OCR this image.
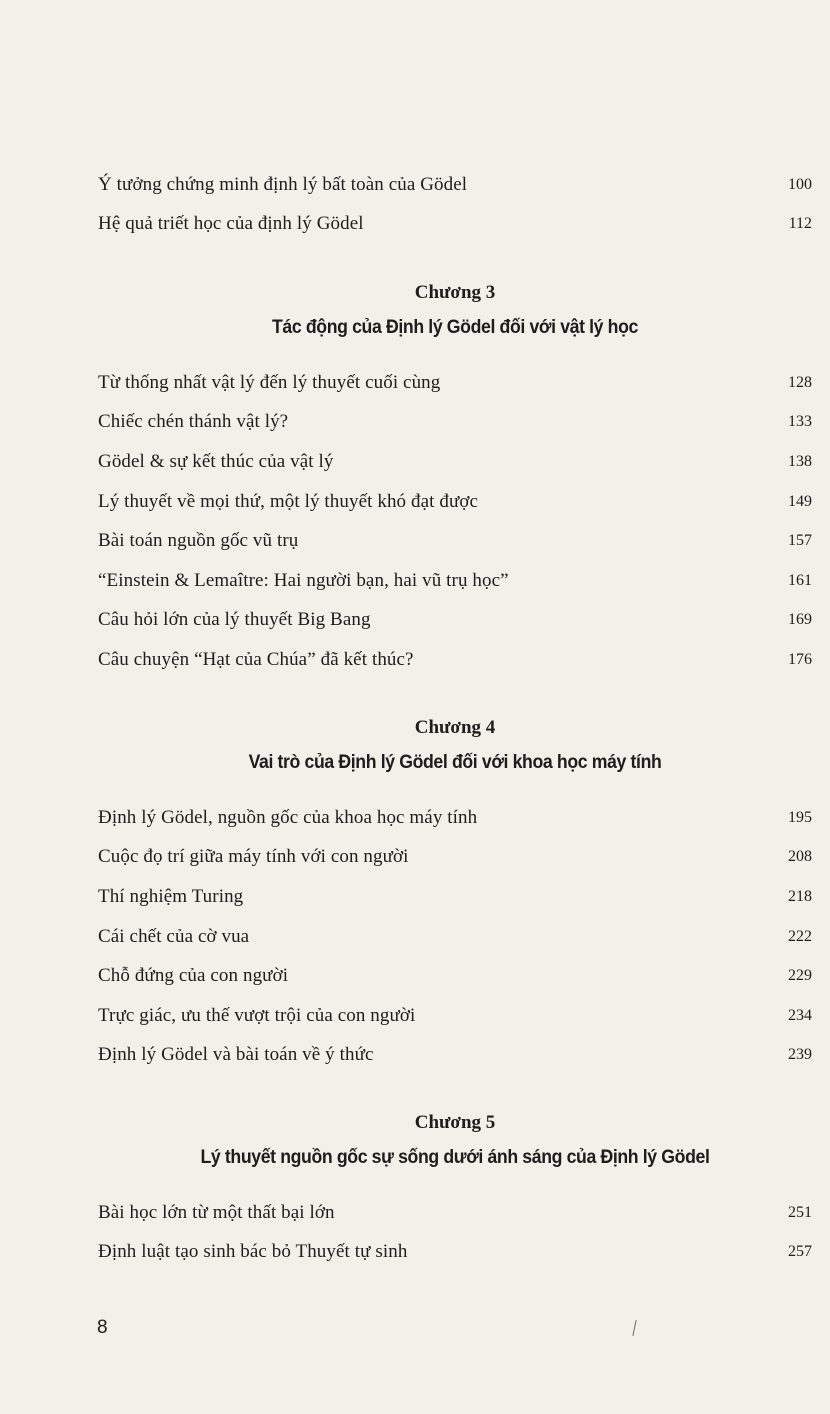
Ý tưởng chứng minh định lý bất toàn của Gödel	100
Hệ quả triết học của định lý Gödel	112
Chương 3
Tác động của Định lý Gödel đối với vật lý học
Từ thống nhất vật lý đến lý thuyết cuối cùng	128
Chiếc chén thánh vật lý?	133
Gödel & sự kết thúc của vật lý	138
Lý thuyết về mọi thứ, một lý thuyết khó đạt được	149
Bài toán nguồn gốc vũ trụ	157
“Einstein & Lemaître: Hai người bạn, hai vũ trụ học”	161
Câu hỏi lớn của lý thuyết Big Bang	169
Câu chuyện “Hạt của Chúa” đã kết thúc?	176
Chương 4
Vai trò của Định lý Gödel đối với khoa học máy tính
Định lý Gödel, nguồn gốc của khoa học máy tính	195
Cuộc đọ trí giữa máy tính với con người	208
Thí nghiệm Turing	218
Cái chết của cờ vua	222
Chỗ đứng của con người	229
Trực giác, ưu thế vượt trội của con người	234
Định lý Gödel và bài toán về ý thức	239
Chương 5
Lý thuyết nguồn gốc sự sống dưới ánh sáng của Định lý Gödel
Bài học lớn từ một thất bại lớn	251
Định luật tạo sinh bác bỏ Thuyết tự sinh	257
8
